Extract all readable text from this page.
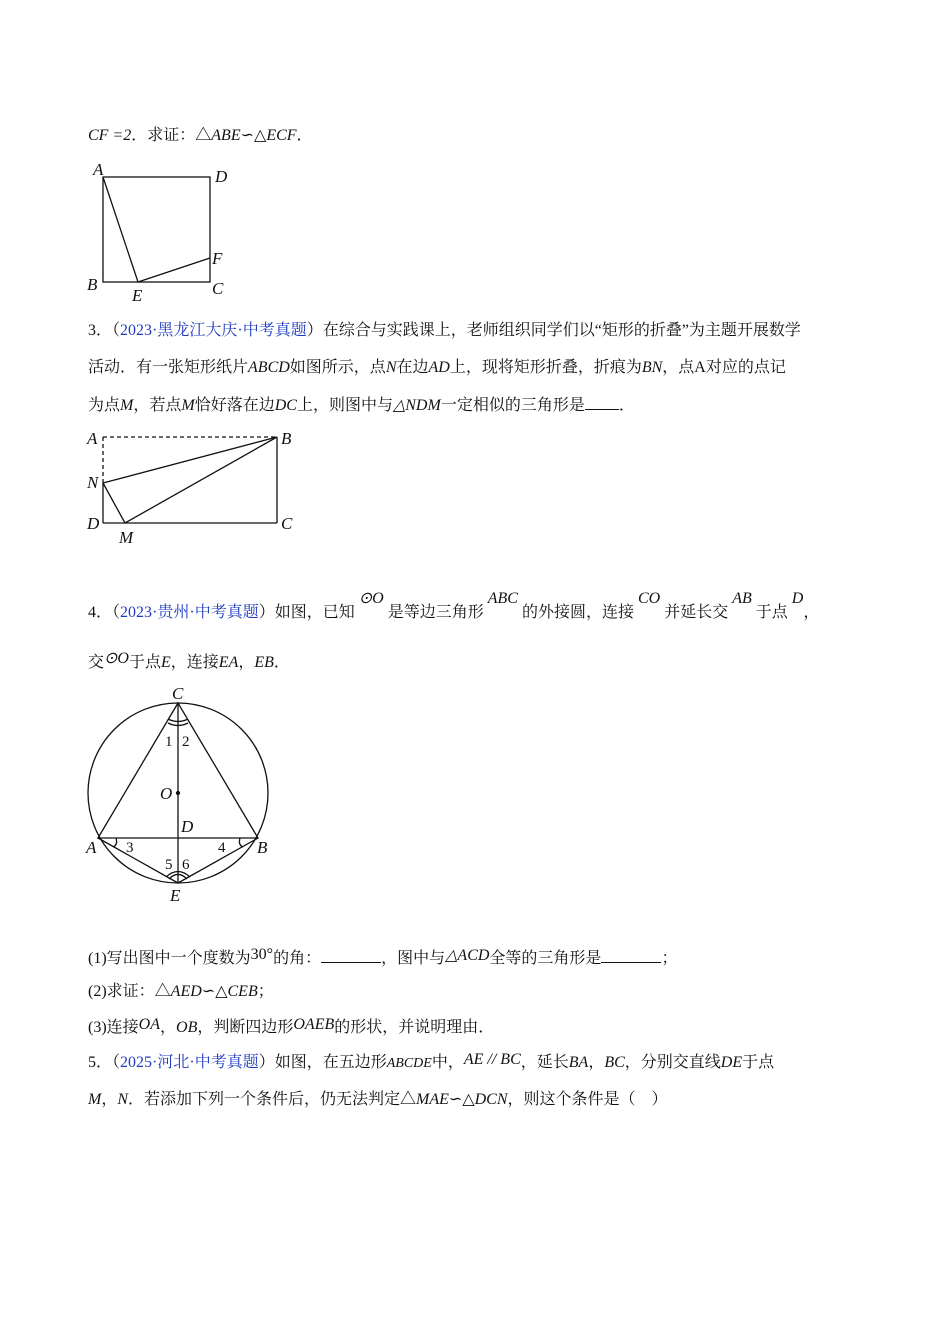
CF =2．求证：△ABE∽△ECF．
A	D
B
E	C
F
A	B
N
D
M
C
C
1 2
O
D
A	B
3	4
5 6
E
3．（2023·黑龙江大庆·中考真题）在综合与实践课上，老师组织同学们以“矩形的折叠”为主题开展数学
活动．有一张矩形纸片ABCD如图所示，点N在边AD上，现将矩形折叠，折痕为BN，点A对应的点记
为点M，若点M恰好落在边DC上，则图中与△NDM一定相似的三角形是 ．
4．（2023·贵州·中考真题）如图，已知 ⊙O 是等边三角形 ABC 的外接圆，连接 CO 并延长交 AB 于点 D，
交⊙O于点E，连接EA，EB．
(1)写出图中一个度数为30°的角：	，图中与△ACD全等的三角形是	；
(2)求证：△AED∽△CEB；
(3)连接OA，OB，判断四边形OAEB的形状，并说明理由．
5．（2025·河北·中考真题）如图，在五边形ABCDE中，AE // BC，延长BA，BC，分别交直线DE于点
M，N．若添加下列一个条件后，仍无法判定△MAE∽△DCN，则这个条件是（　）
